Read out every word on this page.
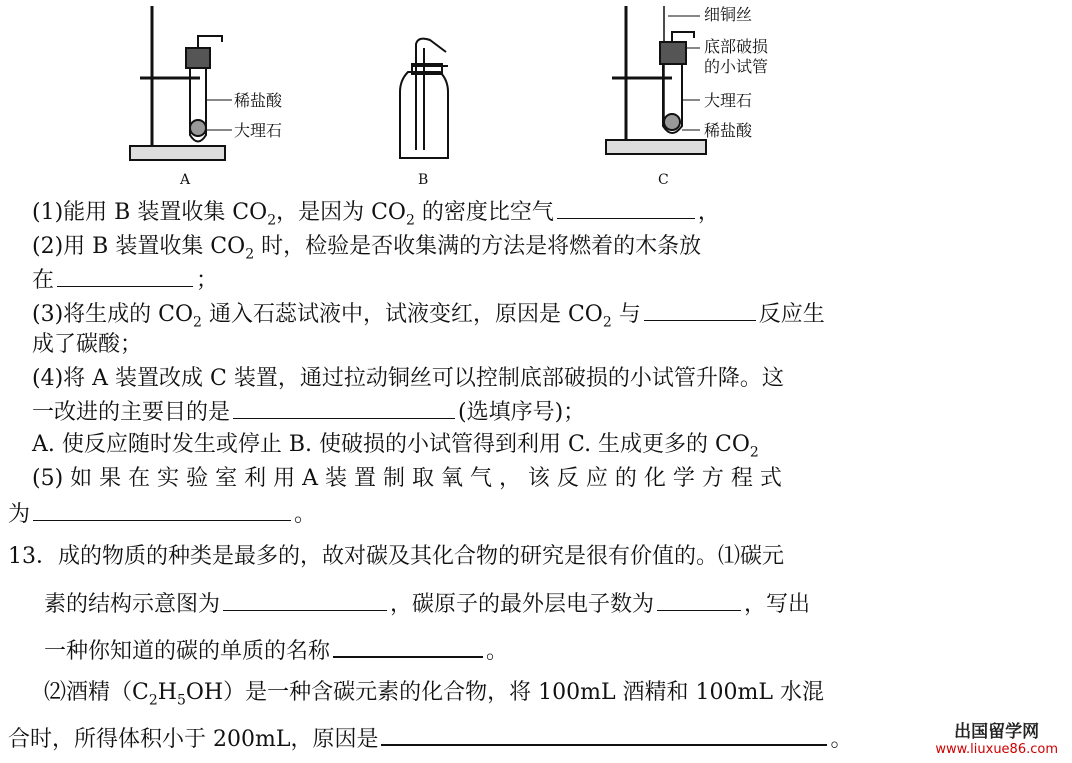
稀盐酸
大理石
A	B
细铜丝
底部破损
的小试管
大理石
稀盐酸
C
(1)能用 B 装置收集 $CO_2$，是因为 $CO_2$ 的密度比空气	，
(2)用 B 装置收集 $CO_2$ 时，检验是否收集满的方法是将燃着的木条放
在	；
(3)将生成的 $CO_2$ 通入石蕊试液中，试液变红，原因是 $CO_2$ 与	反应生
成了碳酸；
(4)将 A 装置改成 C 装置，通过拉动铜丝可以控制底部破损的小试管升降。这
一改进的主要目的是	(选填序号)；
A. 使反应随时发生或停止 B. 使破损的小试管得到利用 C. 生成更多的 $CO_2$
(5) 如 果 在 实 验 室 利 用 A 装 置 制 取 氧 气 ， 该 反 应 的 化 学 方 程 式
为	。
13．成的物质的种类是最多的，故对碳及其化合物的研究是很有价值的。⑴碳元
素的结构示意图为	，碳原子的最外层电子数为	，写出
一种你知道的碳的单质的名称	。
⑵酒精$(C_2H_5OH)$是一种含碳元素的化合物，将 100mL 酒精和 100mL 水混
合时，所得体积小于 200mL，原因是	。	出国留学网
www.liuxue86.com
